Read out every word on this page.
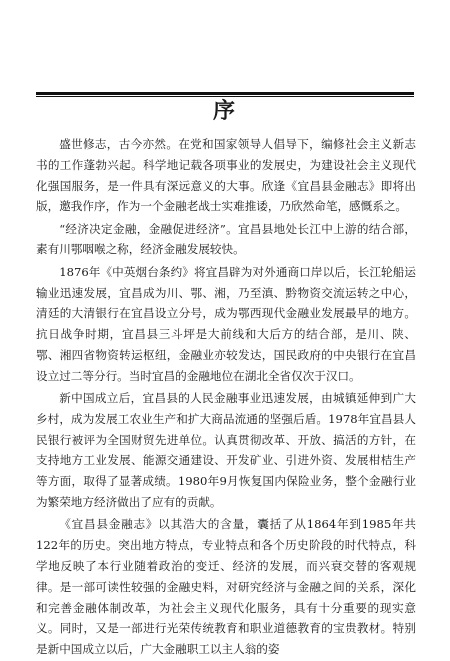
序

盛世修志，古今亦然。在党和国家领导人倡导下，编修社会主义新志书的工作蓬勃兴起。科学地记载各项事业的发展史，为建设社会主义现代化强国服务，是一件具有深远意义的大事。欣逢《宜昌县金融志》即将出版，邀我作序，作为一个金融老战士实难推诿，乃欣然命笔，感慨系之。

“经济决定金融，金融促进经济”。宜昌县地处长江中上游的结合部，素有川鄂咽喉之称，经济金融发展较快。

1876年《中英烟台条约》将宜昌辟为对外通商口岸以后，长江轮船运输业迅速发展，宜昌成为川、鄂、湘，乃至滇、黔物资交流运转之中心，清廷的大清银行在宜昌设立分号，成为鄂西现代金融业发展最早的地方。抗日战争时期，宜昌县三斗坪是大前线和大后方的结合部，是川、陕、鄂、湘四省物资转运枢纽，金融业亦较发达，国民政府的中央银行在宜昌设立过二等分行。当时宜昌的金融地位在湖北全省仅次于汉口。

新中国成立后，宜昌县的人民金融事业迅速发展，由城镇延伸到广大乡村，成为发展工农业生产和扩大商品流通的坚强后盾。1978年宜昌县人民银行被评为全国财贸先进单位。认真贯彻改革、开放、搞活的方针，在支持地方工业发展、能源交通建设、开发矿业、引进外资、发展柑桔生产等方面，取得了显著成绩。1980年9月恢复国内保险业务，整个金融行业为繁荣地方经济做出了应有的贡献。

《宜昌县金融志》以其浩大的含量，囊括了从1864年到1985年共122年的历史。突出地方特点，专业特点和各个历史阶段的时代特点，科学地反映了本行业随着政治的变迁、经济的发展，而兴衰交替的客观规律。是一部可读性较强的金融史料，对研究经济与金融之间的关系，深化和完善金融体制改革，为社会主义现代化服务，具有十分重要的现实意义。同时，又是一部进行光荣传统教育和职业道德教育的宝贵教材。特别是新中国成立以后，广大金融职工以主人翁的姿
